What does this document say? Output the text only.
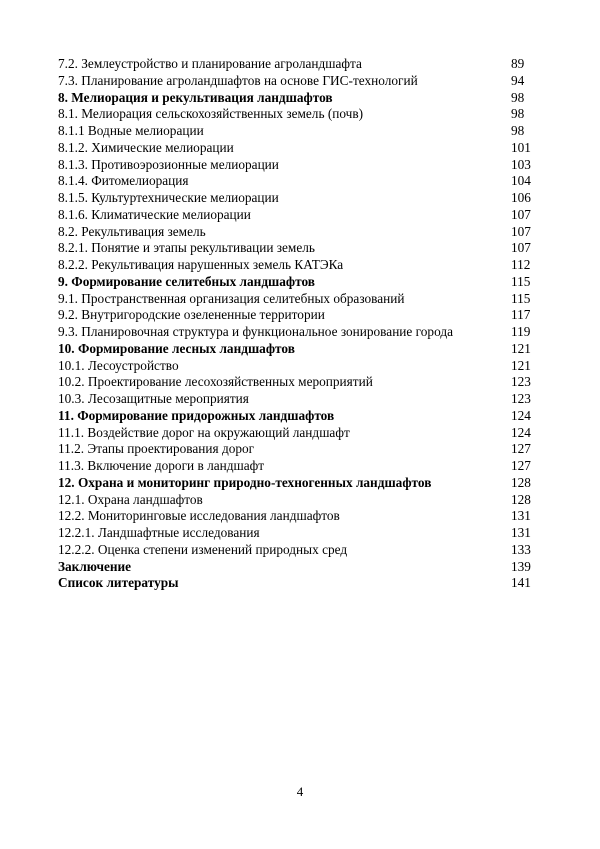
7.2. Землеустройство и планирование агроландшафта	89
7.3. Планирование агроландшафтов на основе ГИС-технологий	94
8. Мелиорация и рекультивация ландшафтов	98
8.1. Мелиорация сельскохозяйственных земель (почв)	98
8.1.1 Водные мелиорации	98
8.1.2. Химические мелиорации	101
8.1.3. Противоэрозионные мелиорации	103
8.1.4. Фитомелиорация	104
8.1.5. Культуртехнические мелиорации	106
8.1.6. Климатические мелиорации	107
8.2. Рекультивация земель	107
8.2.1. Понятие и этапы рекультивации земель	107
8.2.2. Рекультивация нарушенных земель КАТЭКа	112
9. Формирование селитебных ландшафтов	115
9.1. Пространственная организация селитебных образований	115
9.2. Внутригородские озелененные территории	117
9.3. Планировочная структура и функциональное зонирование города	119
10. Формирование лесных ландшафтов	121
10.1. Лесоустройство	121
10.2. Проектирование лесохозяйственных мероприятий	123
10.3. Лесозащитные мероприятия	123
11. Формирование придорожных ландшафтов	124
11.1. Воздействие дорог на окружающий ландшафт	124
11.2. Этапы проектирования дорог	127
11.3. Включение дороги в ландшафт	127
12. Охрана и мониторинг природно-техногенных ландшафтов	128
12.1. Охрана ландшафтов	128
12.2. Мониторинговые исследования ландшафтов	131
12.2.1. Ландшафтные исследования	131
12.2.2. Оценка степени изменений природных сред	133
Заключение	139
Список литературы	141
4
